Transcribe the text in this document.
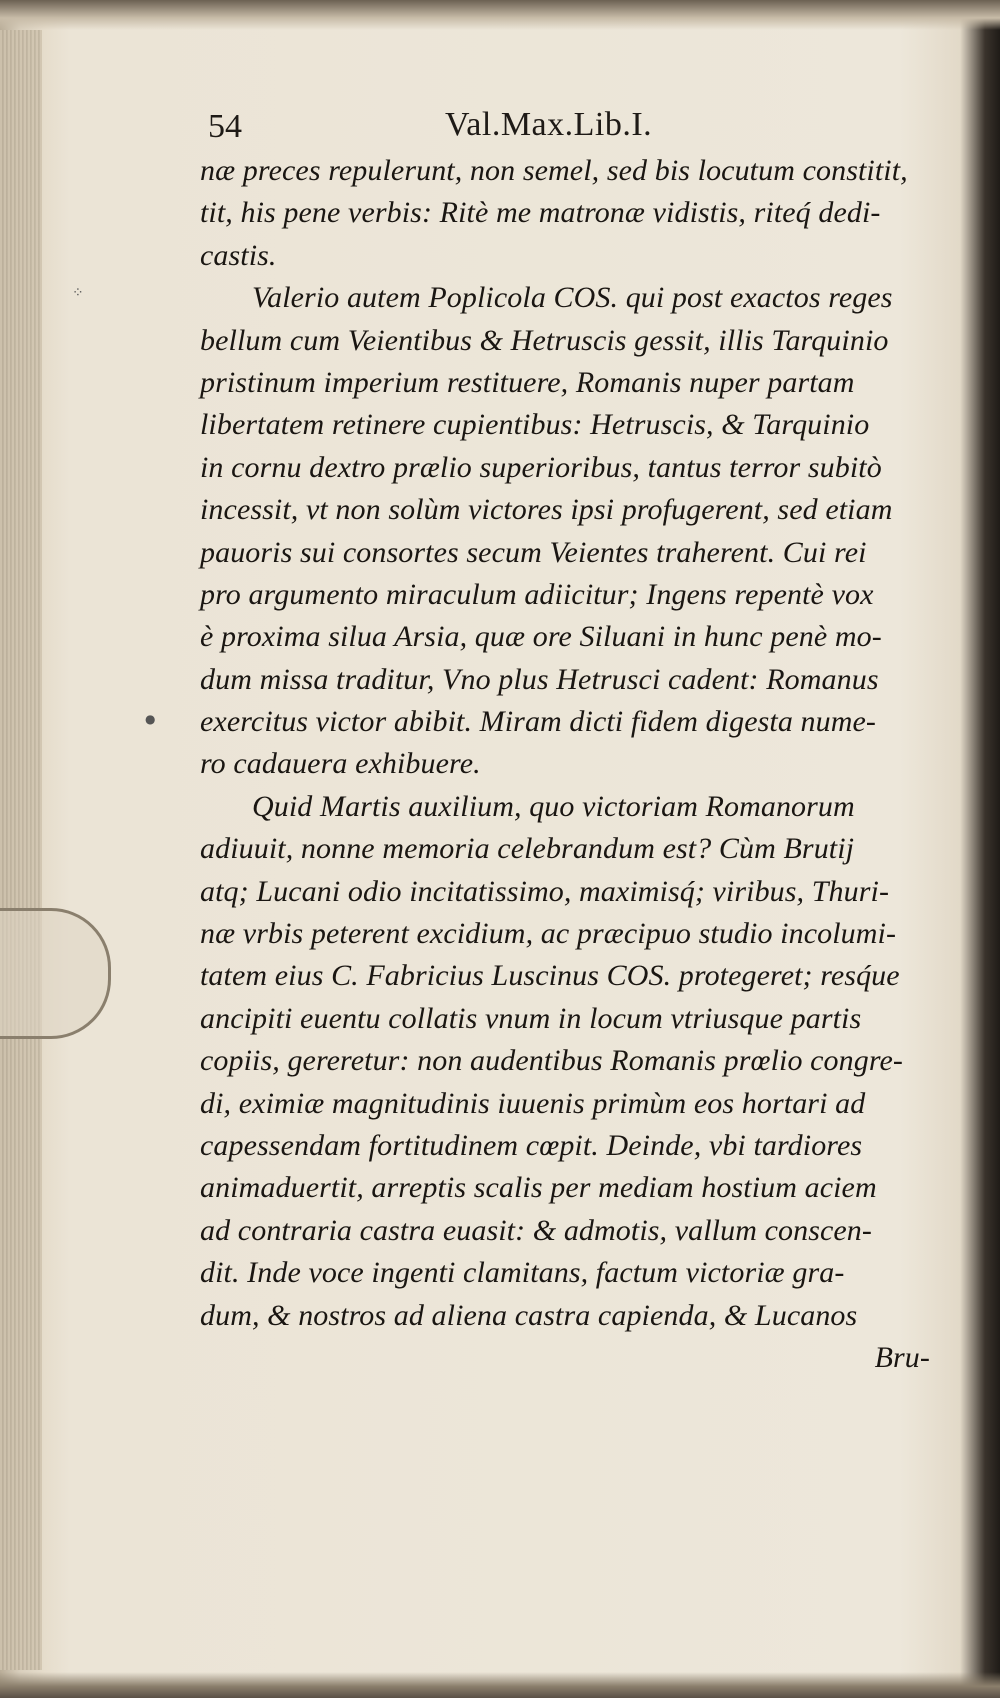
⁘
●
54	Val.Max.Lib.I.
næ preces repulerunt, non semel, sed bis locutum constitit,
tit, his pene verbis: Ritè me matronæ vidistis, riteq́ dedi-
castis.
Valerio autem Poplicola COS. qui post exactos reges
bellum cum Veientibus & Hetruscis gessit, illis Tarquinio
pristinum imperium restituere, Romanis nuper partam
libertatem retinere cupientibus: Hetruscis, & Tarquinio
in cornu dextro prælio superioribus, tantus terror subitò
incessit, vt non solùm victores ipsi profugerent, sed etiam
pauoris sui consortes secum Veientes traherent. Cui rei
pro argumento miraculum adiicitur; Ingens repentè vox
è proxima silua Arsia, quæ ore Siluani in hunc penè mo-
dum missa traditur, Vno plus Hetrusci cadent: Romanus
exercitus victor abibit. Miram dicti fidem digesta nume-
ro cadauera exhibuere.
Quid Martis auxilium, quo victoriam Romanorum
adiuuit, nonne memoria celebrandum est? Cùm Brutij
atq; Lucani odio incitatissimo, maximisq́; viribus, Thuri-
næ vrbis peterent excidium, ac præcipuo studio incolumi-
tatem eius C. Fabricius Luscinus COS. protegeret; resq́ue
ancipiti euentu collatis vnum in locum vtriusque partis
copiis, gereretur: non audentibus Romanis prœlio congre-
di, eximiæ magnitudinis iuuenis primùm eos hortari ad
capessendam fortitudinem cœpit. Deinde, vbi tardiores
animaduertit, arreptis scalis per mediam hostium aciem
ad contraria castra euasit: & admotis, vallum conscen-
dit. Inde voce ingenti clamitans, factum victoriæ gra-
dum, & nostros ad aliena castra capienda, & Lucanos
Bru-
